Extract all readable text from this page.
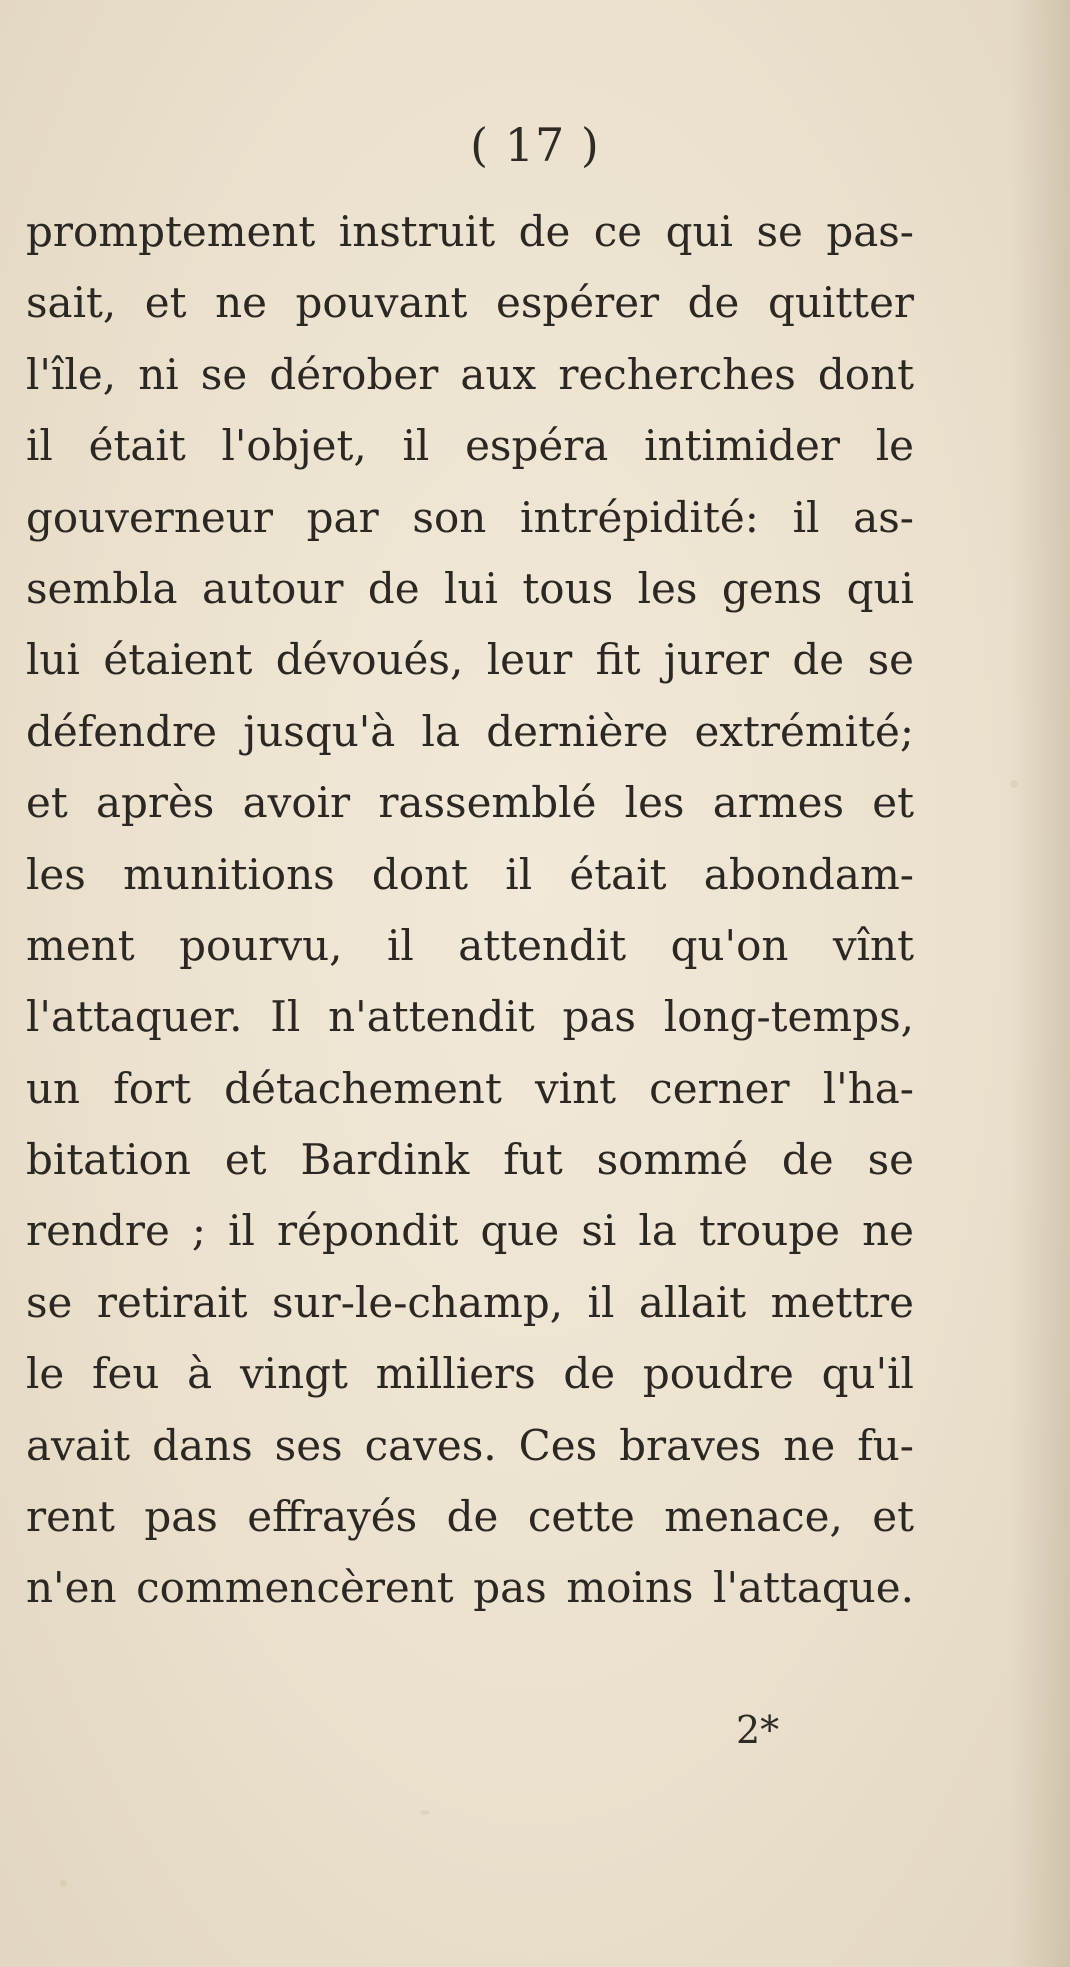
( 17 )
promptement instruit de ce qui se pas-
sait, et ne pouvant espérer de quitter
l'île, ni se dérober aux recherches dont
il était l'objet, il espéra intimider le
gouverneur par son intrépidité: il as-
sembla autour de lui tous les gens qui
lui étaient dévoués, leur fit jurer de se
défendre jusqu'à la dernière extrémité;
et après avoir rassemblé les armes et
les munitions dont il était abondam-
ment pourvu, il attendit qu'on vînt
l'attaquer. Il n'attendit pas long-temps,
un fort détachement vint cerner l'ha-
bitation et Bardink fut sommé de se
rendre ; il répondit que si la troupe ne
se retirait sur-le-champ, il allait mettre
le feu à vingt milliers de poudre qu'il
avait dans ses caves. Ces braves ne fu-
rent pas effrayés de cette menace, et
n'en commencèrent pas moins l'attaque.
2*
